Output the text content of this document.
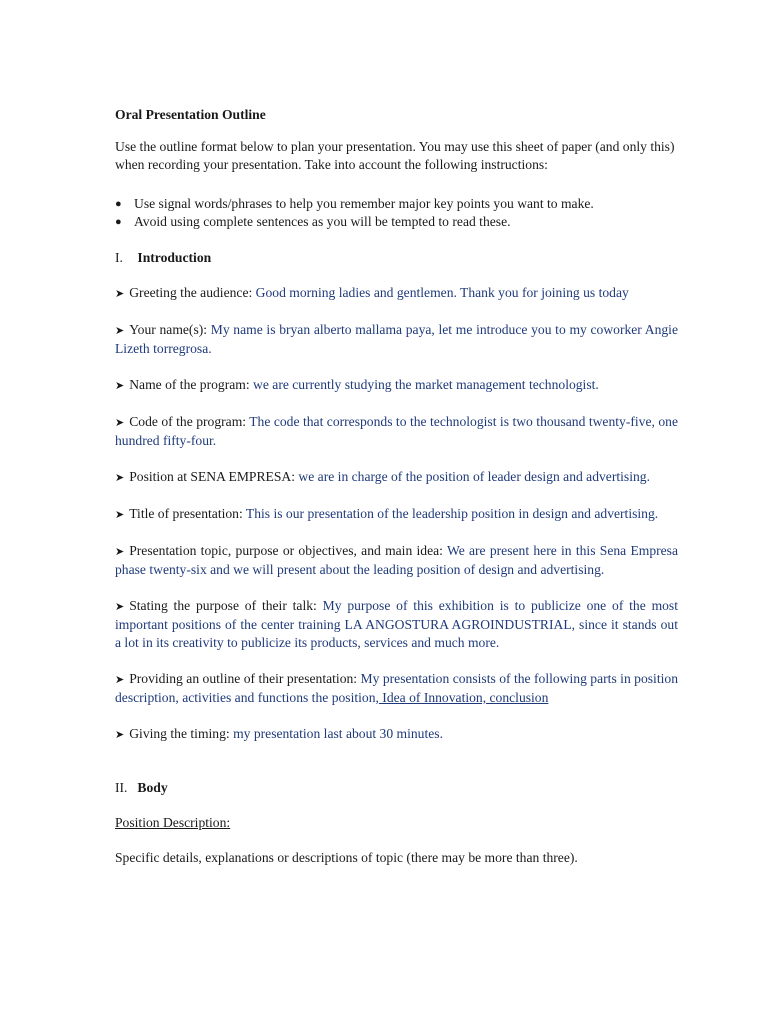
Oral Presentation Outline

Use the outline format below to plan your presentation. You may use this sheet of paper (and only this) when recording your presentation. Take into account the following instructions:

● Use signal words/phrases to help you remember major key points you want to make.
● Avoid using complete sentences as you will be tempted to read these.

I. Introduction

➤ Greeting the audience: Good morning ladies and gentlemen. Thank you for joining us today

➤ Your name(s): My name is bryan alberto mallama paya, let me introduce you to my coworker Angie Lizeth torregrosa.

➤ Name of the program: we are currently studying the market management technologist.

➤ Code of the program: The code that corresponds to the technologist is two thousand twenty-five, one hundred fifty-four.

➤ Position at SENA EMPRESA: we are in charge of the position of leader design and advertising.

➤ Title of presentation: This is our presentation of the leadership position in design and advertising.

➤ Presentation topic, purpose or objectives, and main idea: We are present here in this Sena Empresa phase twenty-six and we will present about the leading position of design and advertising.

➤ Stating the purpose of their talk: My purpose of this exhibition is to publicize one of the most important positions of the center training LA ANGOSTURA AGROINDUSTRIAL, since it stands out a lot in its creativity to publicize its products, services and much more.

➤ Providing an outline of their presentation: My presentation consists of the following parts in position description, activities and functions the position, Idea of Innovation, conclusion

➤ Giving the timing: my presentation last about 30 minutes.

II. Body

Position Description:

Specific details, explanations or descriptions of topic (there may be more than three).
